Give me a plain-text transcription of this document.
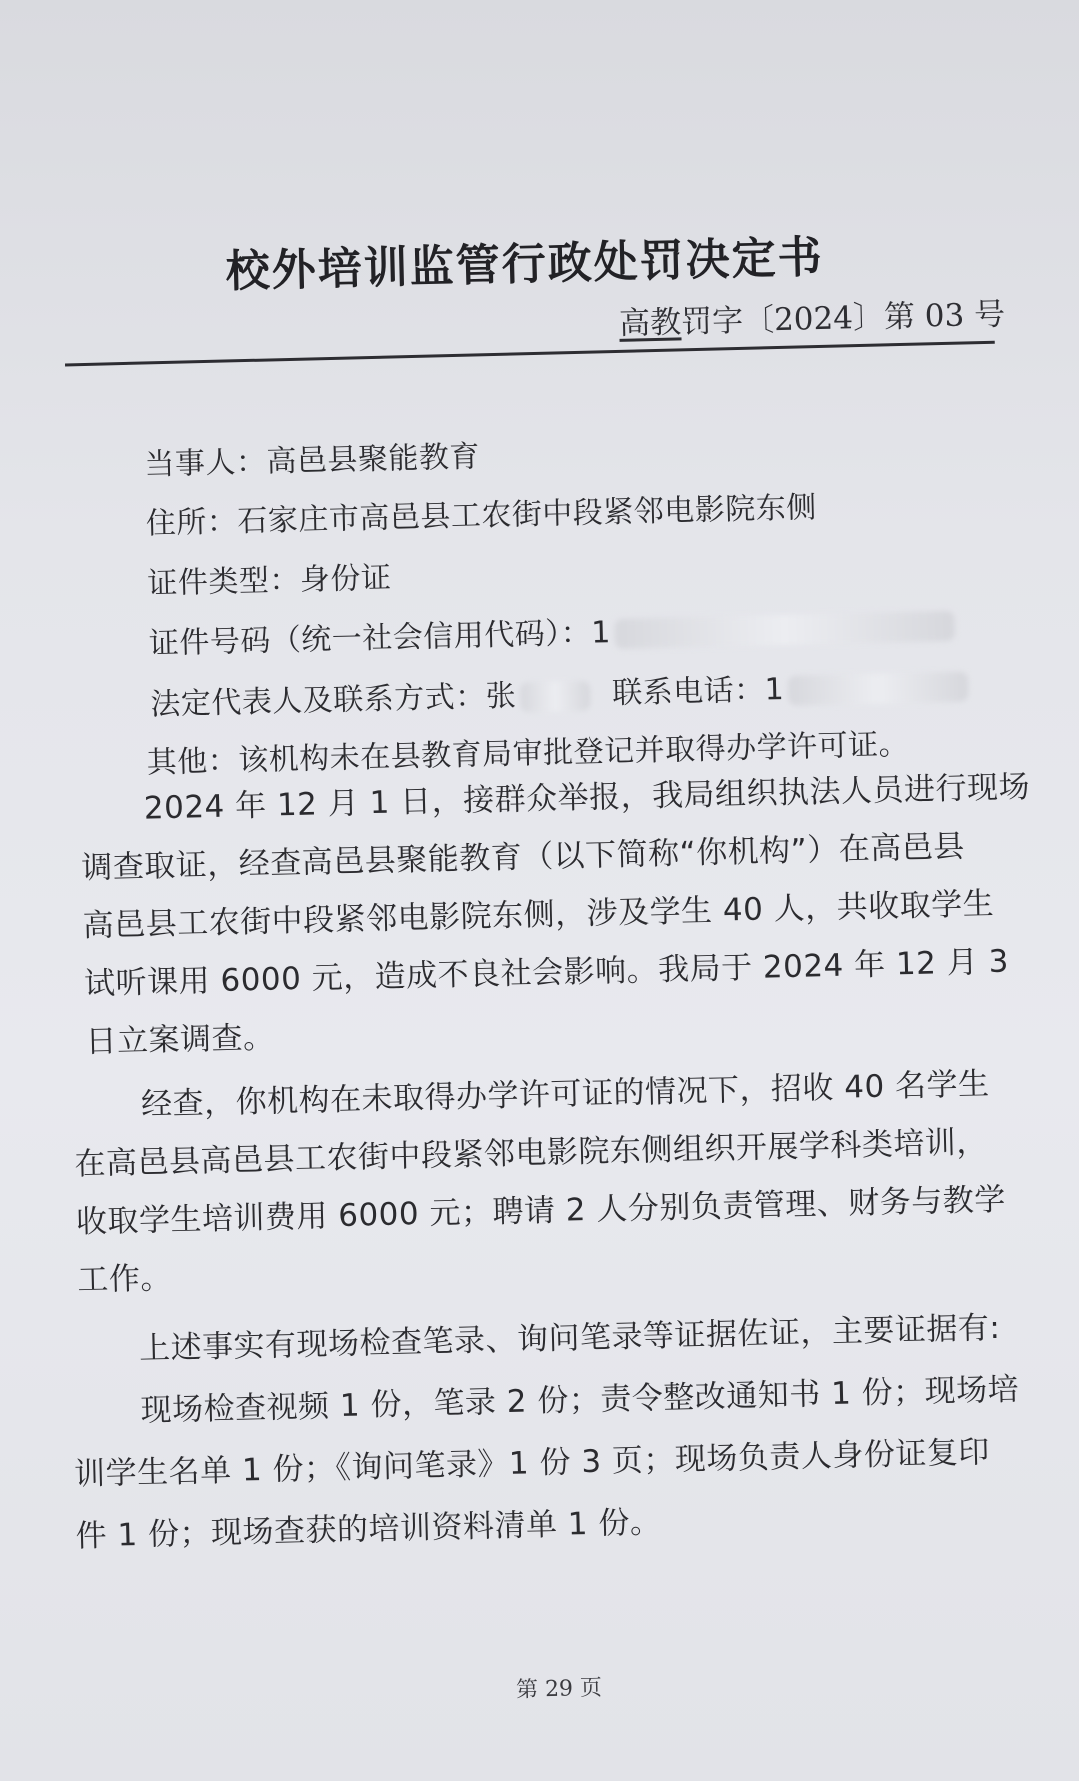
校外培训监管行政处罚决定书
高教罚字〔2024〕第 03 号
当事人：高邑县聚能教育
住所：石家庄市高邑县工农街中段紧邻电影院东侧
证件类型：身份证
证件号码（统一社会信用代码）：1
法定代表人及联系方式：张	联系电话：1
其他：该机构未在县教育局审批登记并取得办学许可证。
2024 年 12 月 1 日，接群众举报，我局组织执法人员进行现场
调查取证，经查高邑县聚能教育（以下简称“你机构”）在高邑县
高邑县工农街中段紧邻电影院东侧，涉及学生 40 人，共收取学生
试听课用 6000 元，造成不良社会影响。我局于 2024 年 12 月 3
日立案调查。
经查，你机构在未取得办学许可证的情况下，招收 40 名学生
在高邑县高邑县工农街中段紧邻电影院东侧组织开展学科类培训，
收取学生培训费用 6000 元；聘请 2 人分别负责管理、财务与教学
工作。
上述事实有现场检查笔录、询问笔录等证据佐证，主要证据有:
现场检查视频 1 份，笔录 2 份；责令整改通知书 1 份；现场培
训学生名单 1 份；《询问笔录》1 份 3 页；现场负责人身份证复印
件 1 份；现场查获的培训资料清单 1 份。
第 29 页
